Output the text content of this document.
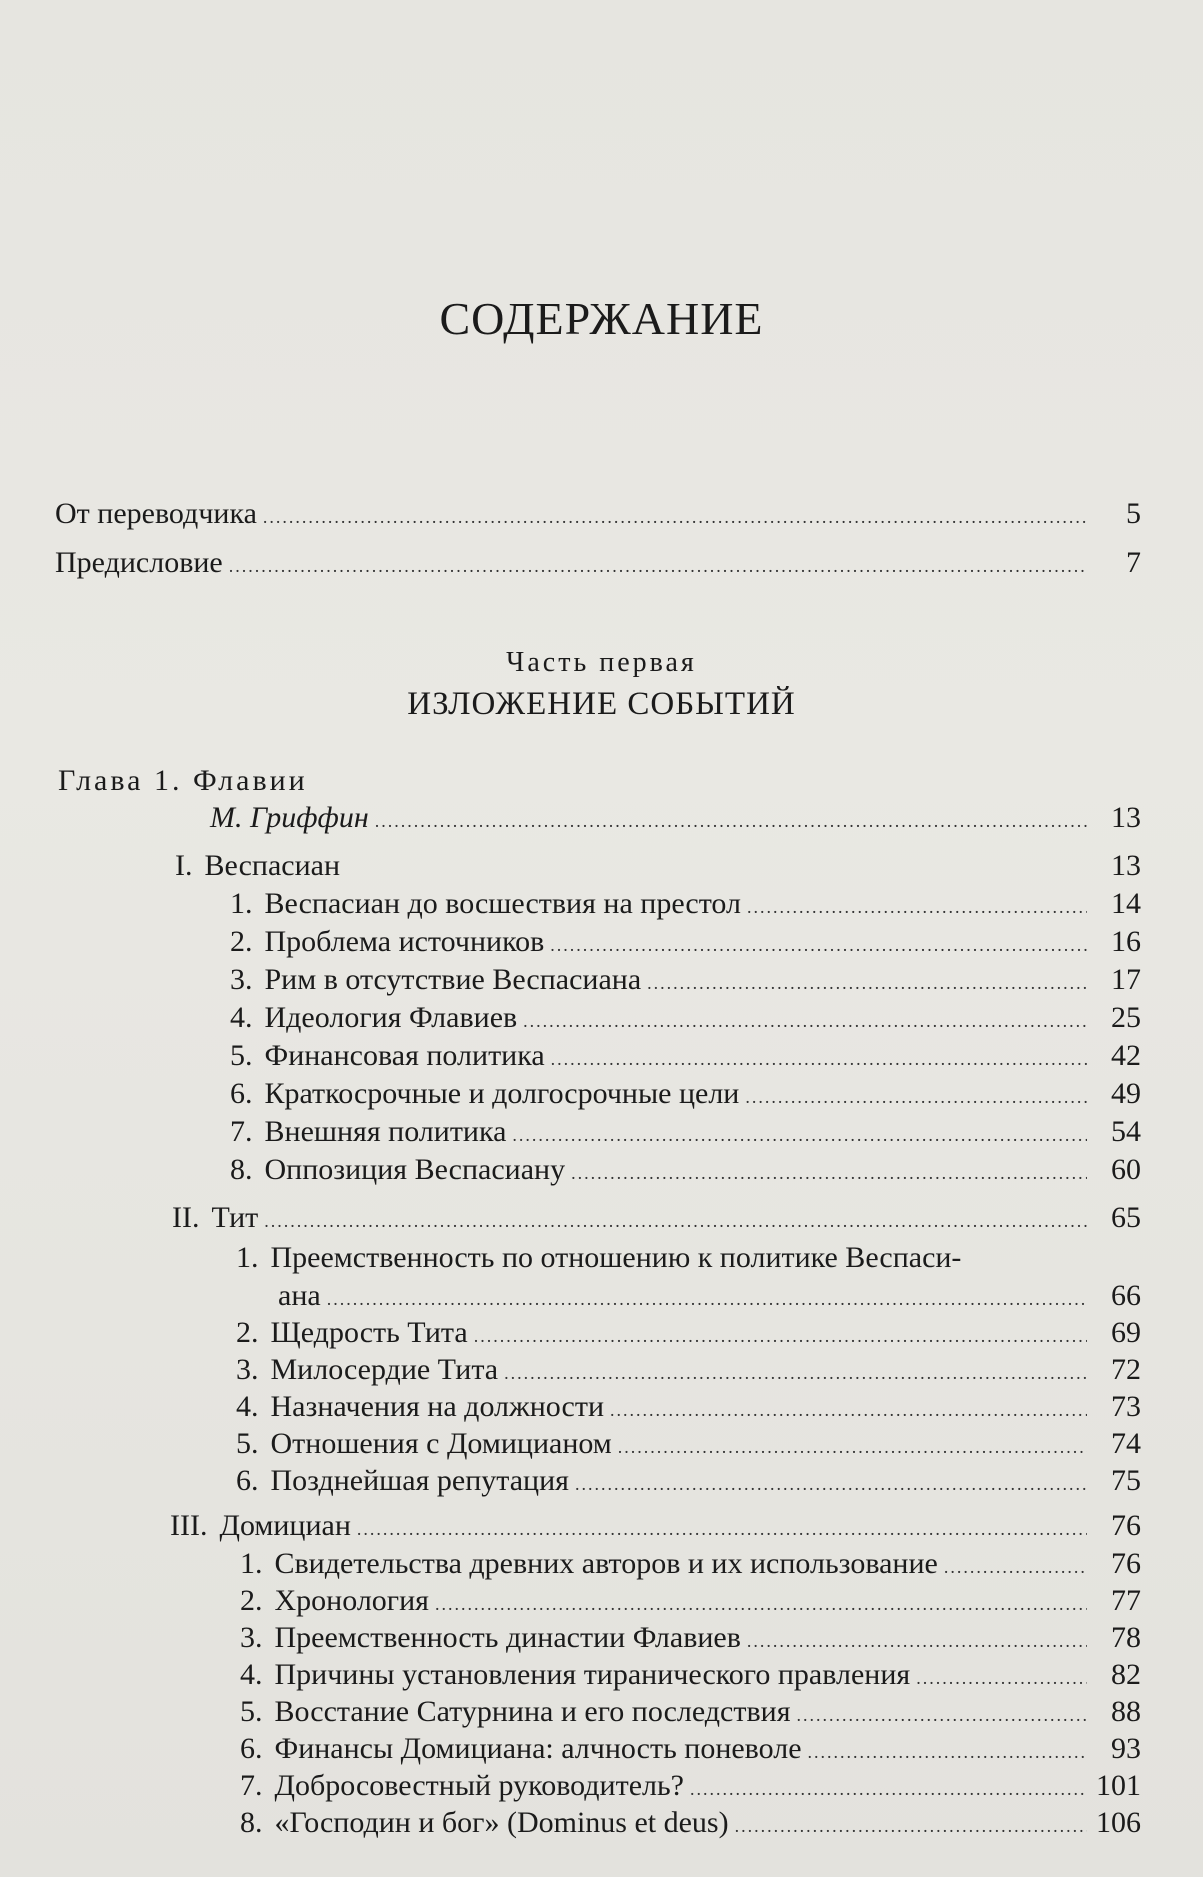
СОДЕРЖАНИЕ
От переводчика .....	5
Предисловие .....	7
Часть первая
ИЗЛОЖЕНИЕ СОБЫТИЙ
Глава 1. Флавии
М. Гриффин .....	13
I. Веспасиан	13
1. Веспасиан до восшествия на престол .....	14
2. Проблема источников .....	16
3. Рим в отсутствие Веспасиана .....	17
4. Идеология Флавиев .....	25
5. Финансовая политика .....	42
6. Краткосрочные и долгосрочные цели .....	49
7. Внешняя политика .....	54
8. Оппозиция Веспасиану .....	60
II. Тит .....	65
1. Преемственность по отношению к политике Веспаси-
ана .....	66
2. Щедрость Тита .....	69
3. Милосердие Тита .....	72
4. Назначения на должности .....	73
5. Отношения с Домицианом .....	74
6. Позднейшая репутация .....	75
III. Домициан .....	76
1. Свидетельства древних авторов и их использование .....	76
2. Хронология .....	77
3. Преемственность династии Флавиев .....	78
4. Причины установления тиранического правления .....	82
5. Восстание Сатурнина и его последствия .....	88
6. Финансы Домициана: алчность поневоле .....	93
7. Добросовестный руководитель? .....	101
8. «Господин и бог» (Dominus et deus) .....	106
